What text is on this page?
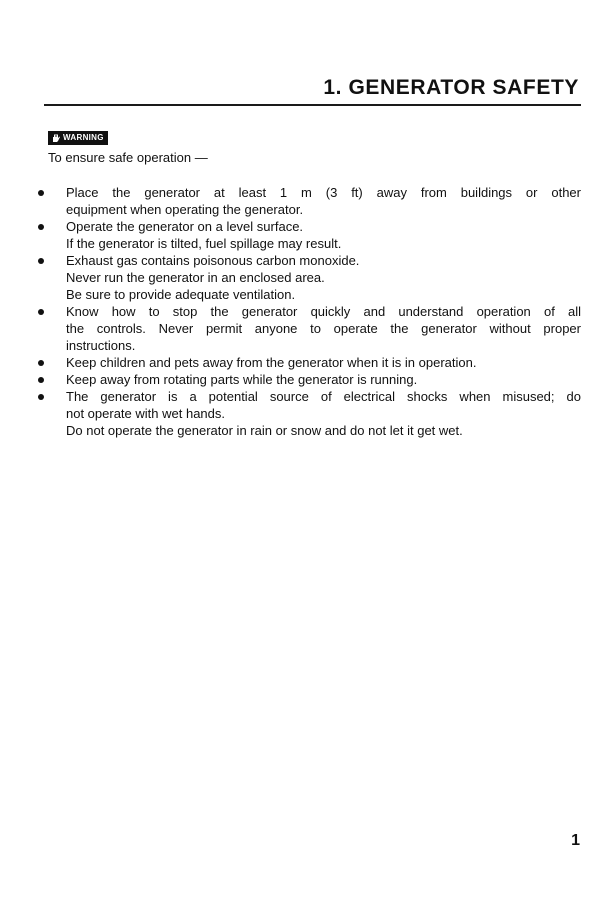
1. GENERATOR SAFETY
WARNING

To ensure safe operation —

Place the generator at least 1 m (3 ft) away from buildings or other
equipment when operating the generator.
Operate the generator on a level surface.
If the generator is tilted, fuel spillage may result.
Exhaust gas contains poisonous carbon monoxide.
Never run the generator in an enclosed area.
Be sure to provide adequate ventilation.
Know how to stop the generator quickly and understand operation of all
the controls. Never permit anyone to operate the generator without proper
instructions.
Keep children and pets away from the generator when it is in operation.
Keep away from rotating parts while the generator is running.
The generator is a potential source of electrical shocks when misused; do
not operate with wet hands.
Do not operate the generator in rain or snow and do not let it get wet.
1
